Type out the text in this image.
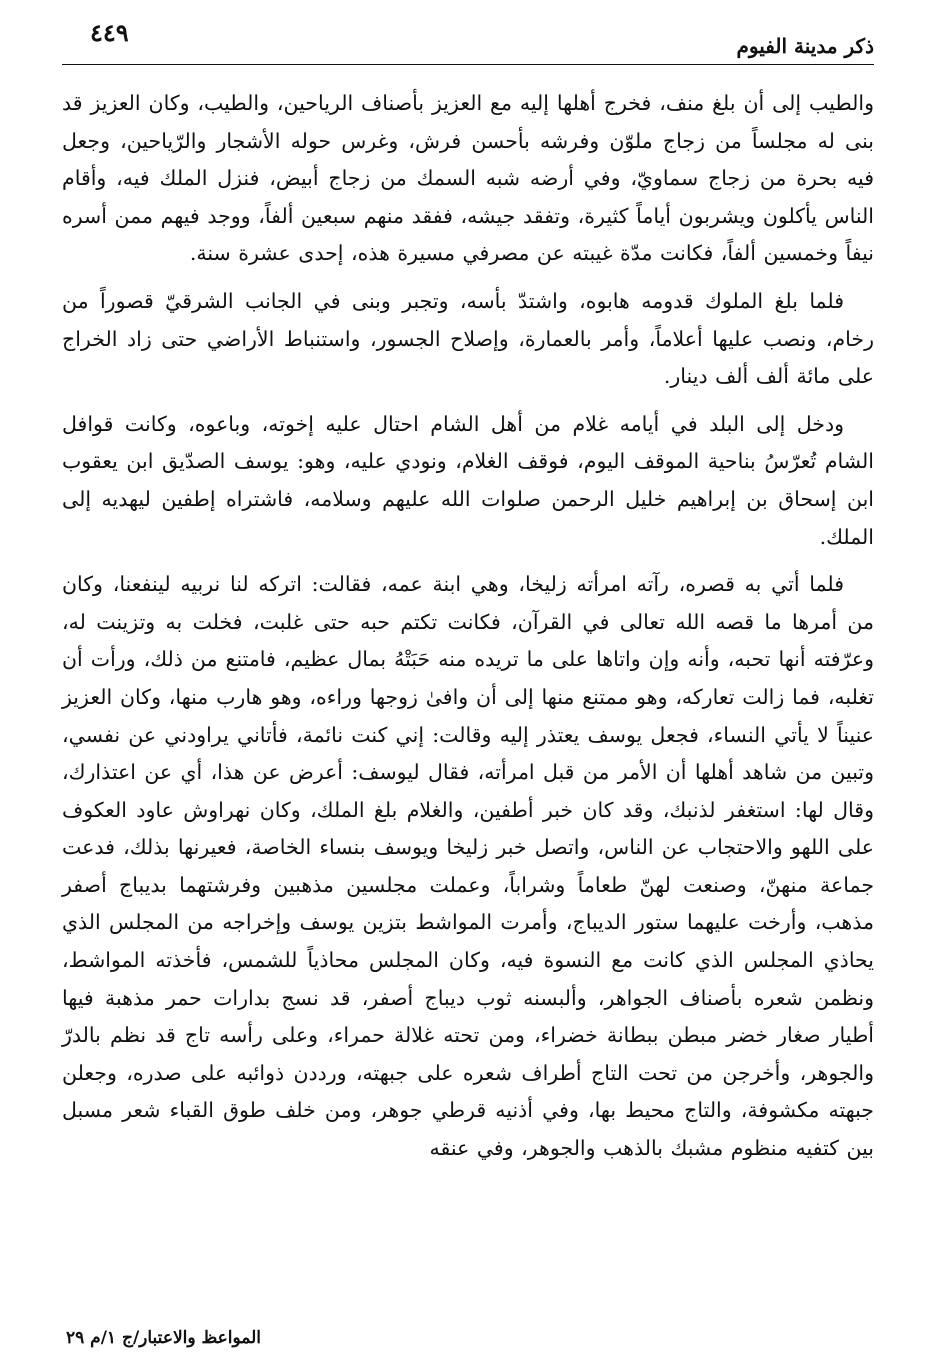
ذكر مدينة الفيوم
٤٤٩

والطيب إلى أن بلغ منف، فخرج أهلها إليه مع العزيز بأصناف الرياحين، والطيب، وكان العزيز قد بنى له مجلساً من زجاج ملوّن وفرشه بأحسن فرش، وغرس حوله الأشجار والرّياحين، وجعل فيه بحرة من زجاج سماويّ، وفي أرضه شبه السمك من زجاج أبيض، فنزل الملك فيه، وأقام الناس يأكلون ويشربون أياماً كثيرة، وتفقد جيشه، ففقد منهم سبعين ألفاً، ووجد فيهم ممن أسره نيفاً وخمسين ألفاً، فكانت مدّة غيبته عن مصرفي مسيرة هذه، إحدى عشرة سنة.

فلما بلغ الملوك قدومه هابوه، واشتدّ بأسه، وتجبر وبنى في الجانب الشرقيّ قصوراً من رخام، ونصب عليها أعلاماً، وأمر بالعمارة، وإصلاح الجسور، واستنباط الأراضي حتى زاد الخراج على مائة ألف ألف دينار.

ودخل إلى البلد في أيامه غلام من أهل الشام احتال عليه إخوته، وباعوه، وكانت قوافل الشام تُعرّسُ بناحية الموقف اليوم، فوقف الغلام، ونودي عليه، وهو: يوسف الصدّيق ابن يعقوب ابن إسحاق بن إبراهيم خليل الرحمن صلوات الله عليهم وسلامه، فاشتراه إطفين ليهديه إلى الملك.

فلما أتي به قصره، رآته امرأته زليخا، وهي ابنة عمه، فقالت: اتركه لنا نربيه لينفعنا، وكان من أمرها ما قصه الله تعالى في القرآن، فكانت تكتم حبه حتى غلبت، فخلت به وتزينت له، وعرّفته أنها تحبه، وأنه وإن واتاها على ما تريده منه حَبَتْهُ بمال عظيم، فامتنع من ذلك، ورأت أن تغلبه، فما زالت تعاركه، وهو ممتنع منها إلى أن وافىٰ زوجها وراءه، وهو هارب منها، وكان العزيز عنيناً لا يأتي النساء، فجعل يوسف يعتذر إليه وقالت: إني كنت نائمة، فأتاني يراودني عن نفسي، وتبين من شاهد أهلها أن الأمر من قبل امرأته، فقال ليوسف: أعرض عن هذا، أي عن اعتذارك، وقال لها: استغفر لذنبك، وقد كان خبر أطفين، والغلام بلغ الملك، وكان نهراوش عاود العكوف على اللهو والاحتجاب عن الناس، واتصل خبر زليخا ويوسف بنساء الخاصة، فعيرنها بذلك، فدعت جماعة منهنّ، وصنعت لهنّ طعاماً وشراباً، وعملت مجلسين مذهبين وفرشتهما بديباج أصفر مذهب، وأرخت عليهما ستور الديباج، وأمرت المواشط بتزين يوسف وإخراجه من المجلس الذي يحاذي المجلس الذي كانت مع النسوة فيه، وكان المجلس محاذياً للشمس، فأخذته المواشط، ونظمن شعره بأصناف الجواهر، وألبسنه ثوب ديباج أصفر، قد نسج بدارات حمر مذهبة فيها أطيار صغار خضر مبطن ببطانة خضراء، ومن تحته غلالة حمراء، وعلى رأسه تاج قد نظم بالدرّ والجوهر، وأخرجن من تحت التاج أطراف شعره على جبهته، ورددن ذوائبه على صدره، وجعلن جبهته مكشوفة، والتاج محيط بها، وفي أذنيه قرطي جوهر، ومن خلف طوق القباء شعر مسبل بين كتفيه منظوم مشبك بالذهب والجوهر، وفي عنقه

المواعظ والاعتبار/ج ١/م ٢٩
